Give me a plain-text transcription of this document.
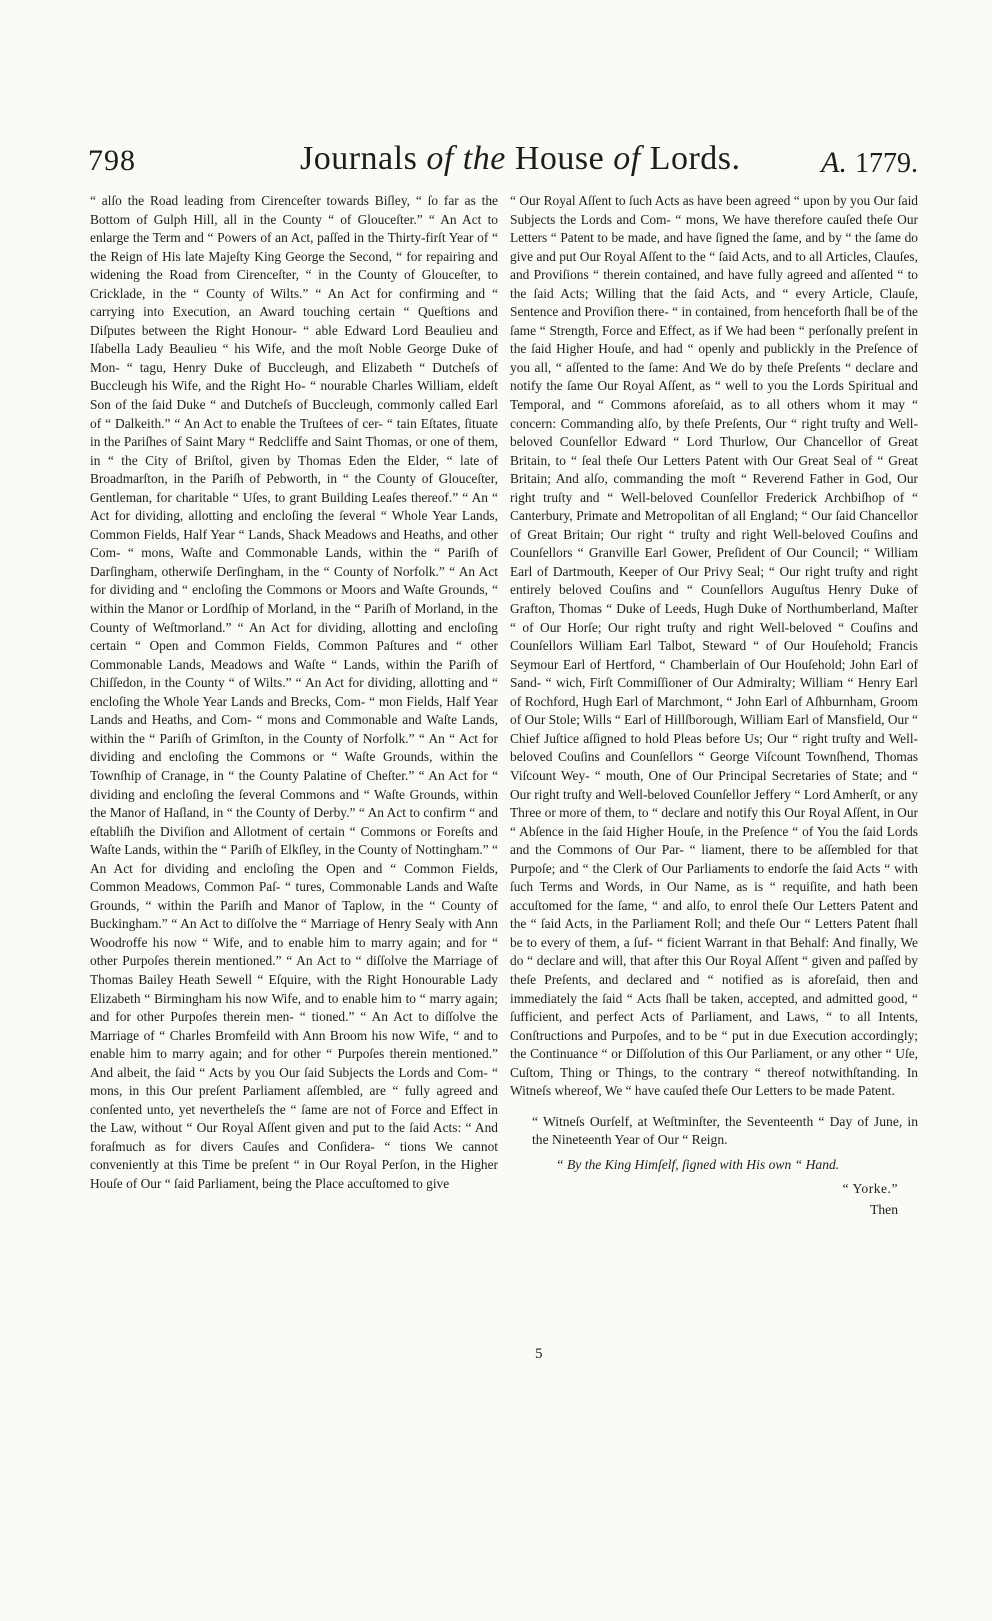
798	Journals of the House of Lords.	A. 1779.

“ alſo the Road leading from Cirenceſter towards Biſley, “ ſo far as the Bottom of Gulph Hill, all in the County “ of Glouceſter.” “ An Act to enlarge the Term and “ Powers of an Act, paſſed in the Thirty-firſt Year of “ the Reign of His late Majeſty King George the Second, “ for repairing and widening the Road from Cirenceſter, “ in the County of Glouceſter, to Cricklade, in the “ County of Wilts.” “ An Act for confirming and “ carrying into Execution, an Award touching certain “ Queſtions and Diſputes between the Right Honour- “ able Edward Lord Beaulieu and Iſabella Lady Beaulieu “ his Wife, and the moſt Noble George Duke of Mon- “ tagu, Henry Duke of Buccleugh, and Elizabeth “ Dutcheſs of Buccleugh his Wife, and the Right Ho- “ nourable Charles William, eldeſt Son of the ſaid Duke “ and Dutcheſs of Buccleugh, commonly called Earl of “ Dalkeith.” “ An Act to enable the Truſtees of cer- “ tain Eſtates, ſituate in the Pariſhes of Saint Mary “ Redcliffe and Saint Thomas, or one of them, in “ the City of Briſtol, given by Thomas Eden the Elder, “ late of Broadmarſton, in the Pariſh of Pebworth, in “ the County of Glouceſter, Gentleman, for charitable “ Uſes, to grant Building Leaſes thereof.” “ An “ Act for dividing, allotting and encloſing the ſeveral “ Whole Year Lands, Common Fields, Half Year “ Lands, Shack Meadows and Heaths, and other Com- “ mons, Waſte and Commonable Lands, within the “ Pariſh of Darſingham, otherwiſe Derſingham, in the “ County of Norfolk.” “ An Act for dividing and “ encloſing the Commons or Moors and Waſte Grounds, “ within the Manor or Lordſhip of Morland, in the “ Pariſh of Morland, in the County of Weſtmorland.” “ An Act for dividing, allotting and encloſing certain “ Open and Common Fields, Common Paſtures and “ other Commonable Lands, Meadows and Waſte “ Lands, within the Pariſh of Chiſſedon, in the County “ of Wilts.” “ An Act for dividing, allotting and “ encloſing the Whole Year Lands and Brecks, Com- “ mon Fields, Half Year Lands and Heaths, and Com- “ mons and Commonable and Waſte Lands, within the “ Pariſh of Grimſton, in the County of Norfolk.” “ An “ Act for dividing and encloſing the Commons or “ Waſte Grounds, within the Townſhip of Cranage, in “ the County Palatine of Cheſter.” “ An Act for “ dividing and encloſing the ſeveral Commons and “ Waſte Grounds, within the Manor of Haſland, in “ the County of Derby.” “ An Act to confirm “ and eſtabliſh the Diviſion and Allotment of certain “ Commons or Foreſts and Waſte Lands, within the “ Pariſh of Elkſley, in the County of Nottingham.” “ An Act for dividing and encloſing the Open and “ Common Fields, Common Meadows, Common Paſ- “ tures, Commonable Lands and Waſte Grounds, “ within the Pariſh and Manor of Taplow, in the “ County of Buckingham.” “ An Act to diſſolve the “ Marriage of Henry Sealy with Ann Woodroffe his now “ Wife, and to enable him to marry again; and for “ other Purpoſes therein mentioned.” “ An Act to “ diſſolve the Marriage of Thomas Bailey Heath Sewell “ Eſquire, with the Right Honourable Lady Elizabeth “ Birmingham his now Wife, and to enable him to “ marry again; and for other Purpoſes therein men- “ tioned.” “ An Act to diſſolve the Marriage of “ Charles Bromfeild with Ann Broom his now Wife, “ and to enable him to marry again; and for other “ Purpoſes therein mentioned.” And albeit, the ſaid “ Acts by you Our ſaid Subjects the Lords and Com- “ mons, in this Our preſent Parliament aſſembled, are “ fully agreed and conſented unto, yet nevertheleſs the “ ſame are not of Force and Effect in the Law, without “ Our Royal Aſſent given and put to the ſaid Acts: “ And foraſmuch as for divers Cauſes and Conſidera- “ tions We cannot conveniently at this Time be preſent “ in Our Royal Perſon, in the Higher Houſe of Our “ ſaid Parliament, being the Place accuſtomed to give

“ Our Royal Aſſent to ſuch Acts as have been agreed “ upon by you Our ſaid Subjects the Lords and Com- “ mons, We have therefore cauſed theſe Our Letters “ Patent to be made, and have ſigned the ſame, and by “ the ſame do give and put Our Royal Aſſent to the “ ſaid Acts, and to all Articles, Clauſes, and Proviſions “ therein contained, and have fully agreed and aſſented “ to the ſaid Acts; Willing that the ſaid Acts, and “ every Article, Clauſe, Sentence and Proviſion there- “ in contained, from henceforth ſhall be of the ſame “ Strength, Force and Effect, as if We had been “ perſonally preſent in the ſaid Higher Houſe, and had “ openly and publickly in the Preſence of you all, “ aſſented to the ſame: And We do by theſe Preſents “ declare and notify the ſame Our Royal Aſſent, as “ well to you the Lords Spiritual and Temporal, and “ Commons aforeſaid, as to all others whom it may “ concern: Commanding alſo, by theſe Preſents, Our “ right truſty and Well-beloved Counſellor Edward “ Lord Thurlow, Our Chancellor of Great Britain, to “ ſeal theſe Our Letters Patent with Our Great Seal of “ Great Britain; And alſo, commanding the moſt “ Reverend Father in God, Our right truſty and “ Well-beloved Counſellor Frederick Archbiſhop of “ Canterbury, Primate and Metropolitan of all England; “ Our ſaid Chancellor of Great Britain; Our right “ truſty and right Well-beloved Couſins and Counſellors “ Granville Earl Gower, Preſident of Our Council; “ William Earl of Dartmouth, Keeper of Our Privy Seal; “ Our right truſty and right entirely beloved Couſins and “ Counſellors Auguſtus Henry Duke of Grafton, Thomas “ Duke of Leeds, Hugh Duke of Northumberland, Maſter “ of Our Horſe; Our right truſty and right Well-beloved “ Couſins and Counſellors William Earl Talbot, Steward “ of Our Houſehold; Francis Seymour Earl of Hertford, “ Chamberlain of Our Houſehold; John Earl of Sand- “ wich, Firſt Commiſſioner of Our Admiralty; William “ Henry Earl of Rochford, Hugh Earl of Marchmont, “ John Earl of Aſhburnham, Groom of Our Stole; Wills “ Earl of Hillſborough, William Earl of Mansfield, Our “ Chief Juſtice aſſigned to hold Pleas before Us; Our “ right truſty and Well-beloved Couſins and Counſellors “ George Viſcount Townſhend, Thomas Viſcount Wey- “ mouth, One of Our Principal Secretaries of State; and “ Our right truſty and Well-beloved Counſellor Jeffery “ Lord Amherſt, or any Three or more of them, to “ declare and notify this Our Royal Aſſent, in Our “ Abſence in the ſaid Higher Houſe, in the Preſence “ of You the ſaid Lords and the Commons of Our Par- “ liament, there to be aſſembled for that Purpoſe; and “ the Clerk of Our Parliaments to endorſe the ſaid Acts “ with ſuch Terms and Words, in Our Name, as is “ requiſite, and hath been accuſtomed for the ſame, “ and alſo, to enrol theſe Our Letters Patent and the “ ſaid Acts, in the Parliament Roll; and theſe Our “ Letters Patent ſhall be to every of them, a ſuf- “ ficient Warrant in that Behalf: And finally, We do “ declare and will, that after this Our Royal Aſſent “ given and paſſed by theſe Preſents, and declared and “ notified as is aforeſaid, then and immediately the ſaid “ Acts ſhall be taken, accepted, and admitted good, “ ſufficient, and perfect Acts of Parliament, and Laws, “ to all Intents, Conſtructions and Purpoſes, and to be “ put in due Execution accordingly; the Continuance “ or Diſſolution of this Our Parliament, or any other “ Uſe, Cuſtom, Thing or Things, to the contrary “ thereof notwithſtanding. In Witneſs whereof, We “ have cauſed theſe Our Letters to be made Patent.

“ Witneſs Ourſelf, at Weſtminſter, the Seventeenth “ Day of June, in the Nineteenth Year of Our “ Reign.

“ By the King Himſelf, ſigned with His own “ Hand.

“ Yorke.”

Then

5
